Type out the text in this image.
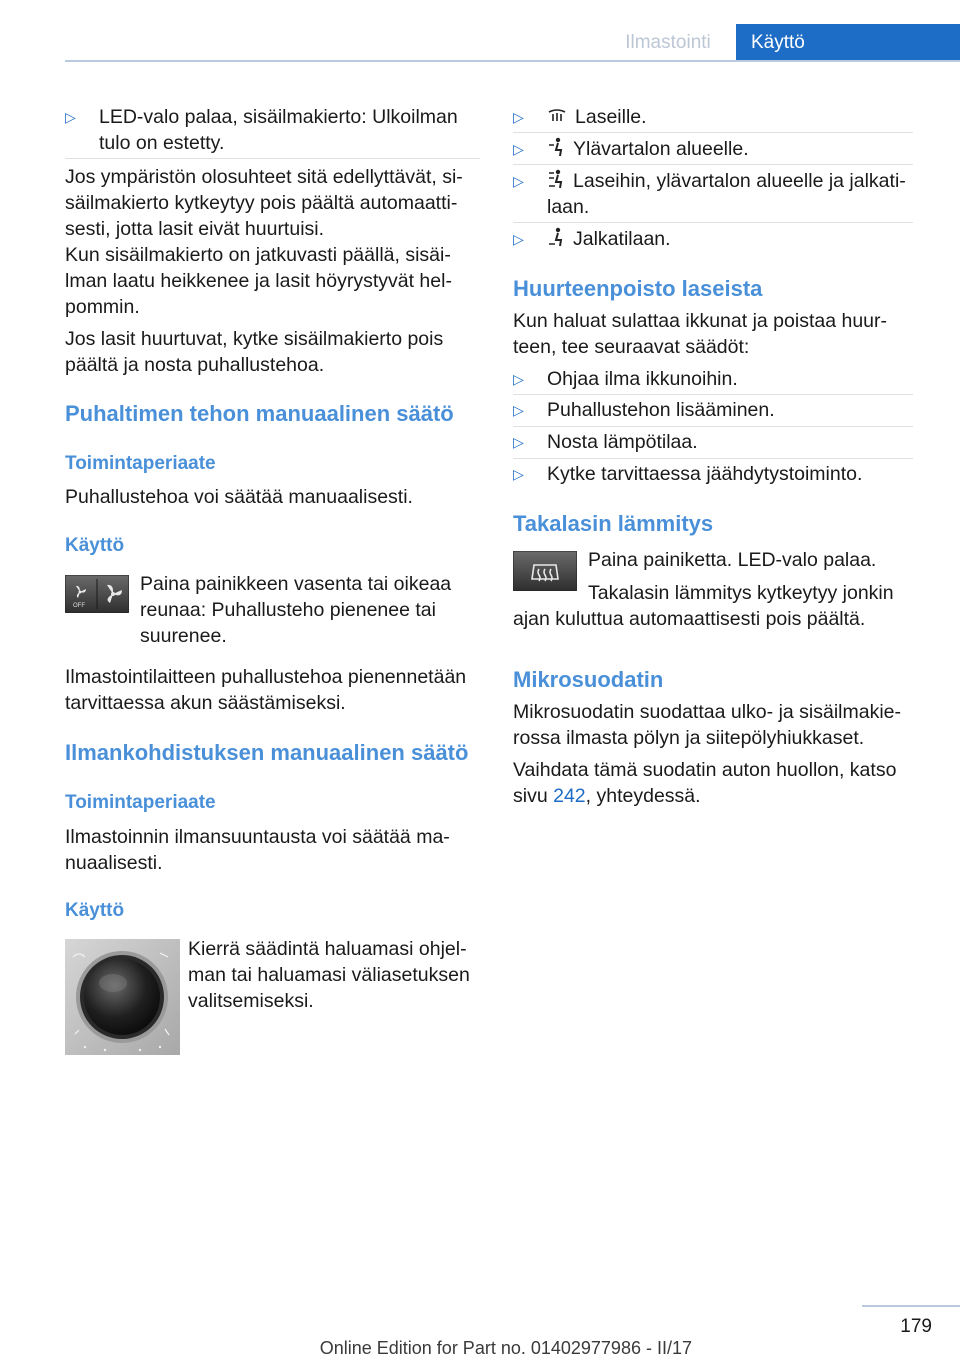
Ilmastointi	Käyttö
▷ LED-valo palaa, sisäilmakierto: Ulkoilman tulo on estetty.
Jos ympäristön olosuhteet sitä edellyttävät, sisäilmakierto kytkeytyy pois päältä automaattisesti, jotta lasit eivät huurtuisi.
Kun sisäilmakierto on jatkuvasti päällä, sisäilman laatu heikkenee ja lasit höyrystyvät helpommin.
Jos lasit huurtuvat, kytke sisäilmakierto pois päältä ja nosta puhallustehoa.
Puhaltimen tehon manuaalinen säätö
Toimintaperiaate
Puhallustehoa voi säätää manuaalisesti.
Käyttö
OFF
Paina painikkeen vasenta tai oikeaa reunaa: Puhallusteho pienenee tai suurenee.
Ilmastointilaitteen puhallustehoa pienennetään tarvittaessa akun säästämiseksi.
Ilmankohdistuksen manuaalinen säätö
Toimintaperiaate
Ilmastoinnin ilmansuuntausta voi säätää manuaalisesti.
Käyttö
Kierrä säädintä haluamasi ohjelman tai haluamasi väliasetuksen valitsemiseksi.
▷	Laseille.
▷	Ylävartalon alueelle.
▷	Laseihin, ylävartalon alueelle ja jalkatilaan.
▷	Jalkatilaan.
Huurteenpoisto laseista
Kun haluat sulattaa ikkunat ja poistaa huurteen, tee seuraavat säädöt:
▷ Ohjaa ilma ikkunoihin.
▷ Puhallustehon lisääminen.
▷ Nosta lämpötilaa.
▷ Kytke tarvittaessa jäähdytystoiminto.
Takalasin lämmitys
Paina painiketta. LED-valo palaa.
Takalasin lämmitys kytkeytyy jonkin ajan kuluttua automaattisesti pois päältä.
Mikrosuodatin
Mikrosuodatin suodattaa ulko- ja sisäilmakierossa ilmasta pölyn ja siitepölyhiukkaset.
Vaihdata tämä suodatin auton huollon, katso sivu 242, yhteydessä.
179
Online Edition for Part no. 01402977986 - II/17
